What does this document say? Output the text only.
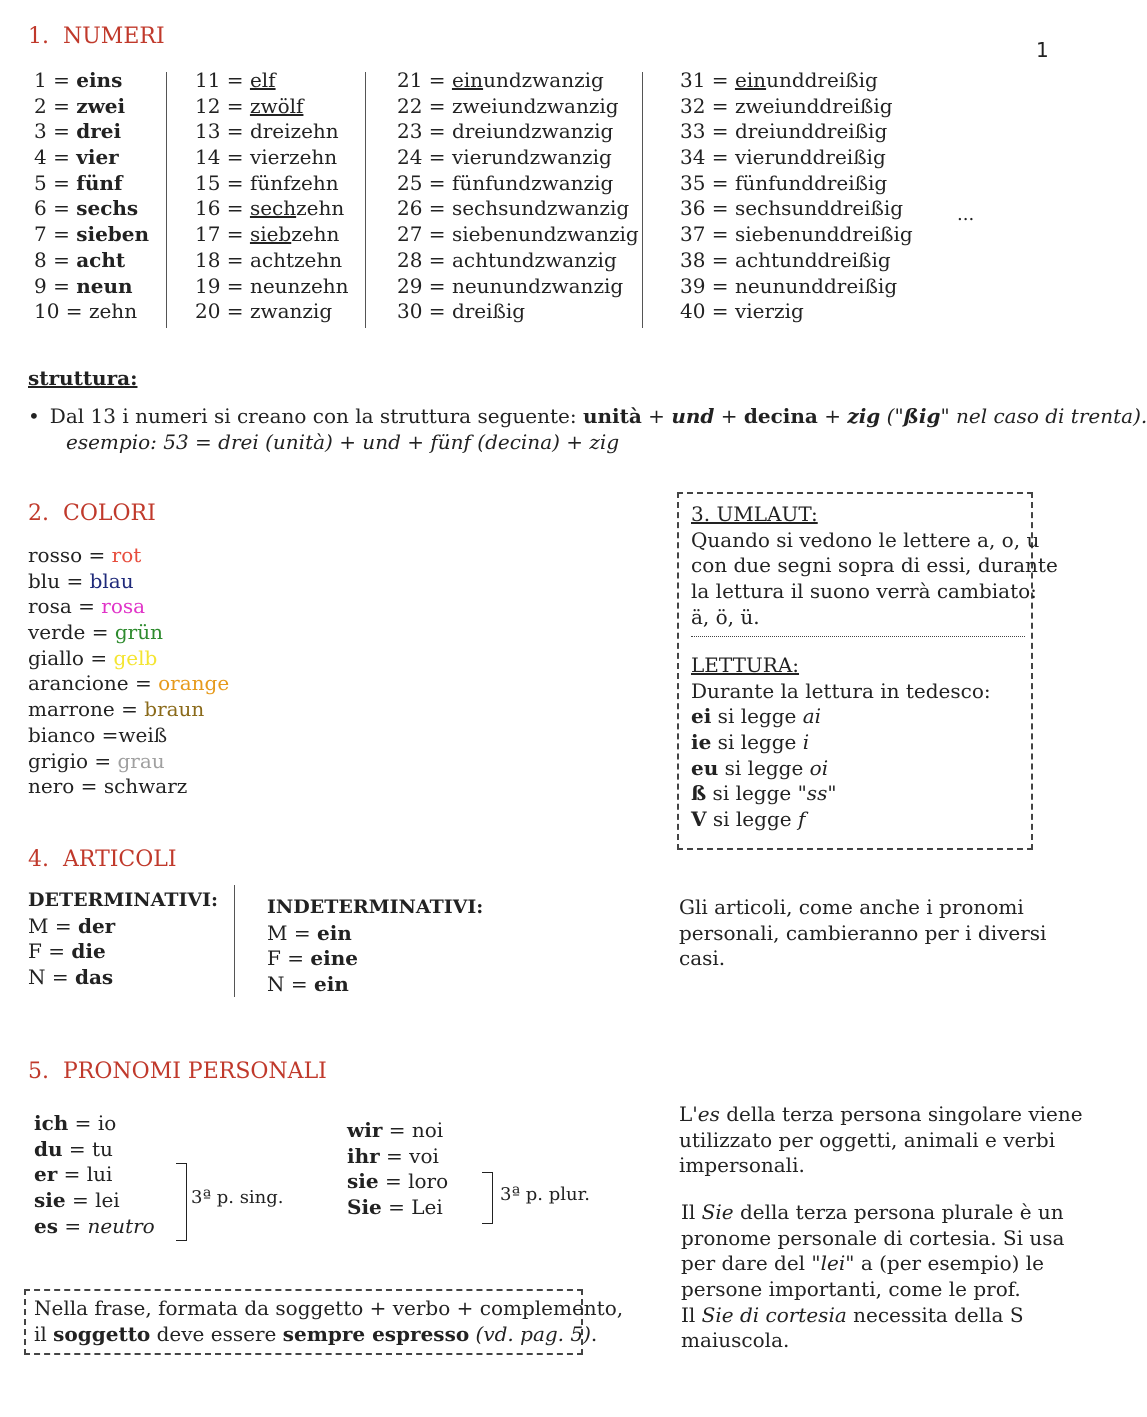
1
1. NUMERI
1 = eins
2 = zwei
3 = drei
4 = vier
5 = fünf
6 = sechs
7 = sieben
8 = acht
9 = neun
10 = zehn
11 = elf
12 = zwölf
13 = dreizehn
14 = vierzehn
15 = fünfzehn
16 = sechzehn
17 = siebzehn
18 = achtzehn
19 = neunzehn
20 = zwanzig
21 = einundzwanzig
22 = zweiundzwanzig
23 = dreiundzwanzig
24 = vierundzwanzig
25 = fünfundzwanzig
26 = sechsundzwanzig
27 = siebenundzwanzig
28 = achtundzwanzig
29 = neunundzwanzig
30 = dreißig
31 = einunddreißig
32 = zweiunddreißig
33 = dreiunddreißig
34 = vierunddreißig
35 = fünfunddreißig
36 = sechsunddreißig
37 = siebenunddreißig
38 = achtunddreißig
39 = neununddreißig
40 = vierzig
...
struttura:
• Dal 13 i numeri si creano con la struttura seguente: unità + und + decina + zig ("ßig" nel caso di trenta).
esempio: 53 = drei (unità) + und + fünf (decina) + zig
2. COLORI
rosso = rot
blu = blau
rosa = rosa
verde = grün
giallo = gelb
arancione = orange
marrone = braun
bianco =weiß
grigio = grau
nero = schwarz
3. UMLAUT:
Quando si vedono le lettere a, o, u
con due segni sopra di essi, durante
la lettura il suono verrà cambiato:
ä, ö, ü.
LETTURA:
Durante la lettura in tedesco:
ei si legge ai
ie si legge i
eu si legge oi
ß si legge "ss"
V si legge f
4. ARTICOLI
DETERMINATIVI:
M = der
F = die
N = das
INDETERMINATIVI:
M = ein
F = eine
N = ein
Gli articoli, come anche i pronomi
personali, cambieranno per i diversi
casi.
5. PRONOMI PERSONALI
ich = io
du = tu
er = lui
sie = lei
es = neutro
3ª p. sing.
wir = noi
ihr = voi
sie = loro
Sie = Lei
3ª p. plur.
Nella frase, formata da soggetto + verbo + complemento,
il soggetto deve essere sempre espresso (vd. pag. 5).
L'es della terza persona singolare viene
utilizzato per oggetti, animali e verbi
impersonali.
Il Sie della terza persona plurale è un
pronome personale di cortesia. Si usa
per dare del "lei" a (per esempio) le
persone importanti, come le prof.
Il Sie di cortesia necessita della S
maiuscola.
